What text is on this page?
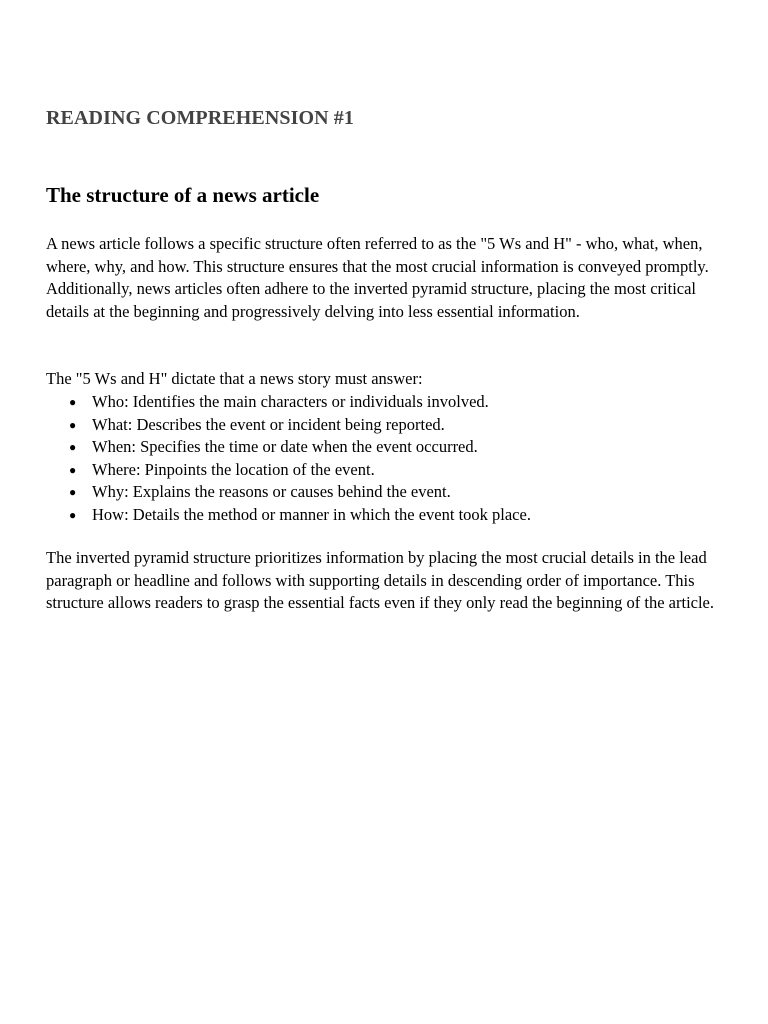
READING COMPREHENSION #1
The structure of a news article

A news article follows a specific structure often referred to as the "5 Ws and H" - who, what, when, where, why, and how. This structure ensures that the most crucial information is conveyed promptly. Additionally, news articles often adhere to the inverted pyramid structure, placing the most critical details at the beginning and progressively delving into less essential information.

The "5 Ws and H" dictate that a news story must answer:

● Who: Identifies the main characters or individuals involved.
● What: Describes the event or incident being reported.
● When: Specifies the time or date when the event occurred.
● Where: Pinpoints the location of the event.
● Why: Explains the reasons or causes behind the event.
● How: Details the method or manner in which the event took place.

The inverted pyramid structure prioritizes information by placing the most crucial details in the lead paragraph or headline and follows with supporting details in descending order of importance. This structure allows readers to grasp the essential facts even if they only read the beginning of the article.
